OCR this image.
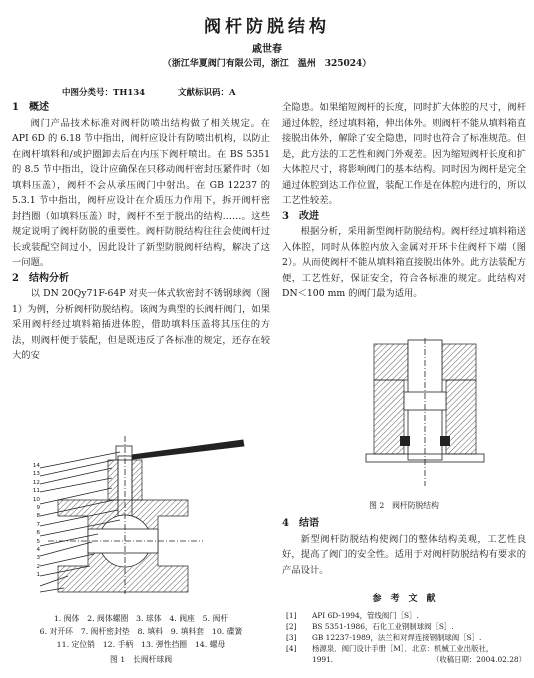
阀杆防脱结构
戚世春
（浙江华夏阀门有限公司，浙江　温州　325024）
中图分类号：TH134	文献标识码：A

1　概述

阀门产品技术标准对阀杆防喷出结构做了相关规定。在 API 6D 的 6.18 节中指出，阀杆应设计有防喷出机构，以防止在阀杆填料和/或护圈卸去后在内压下阀杆喷出。在 BS 5351 的 8.5 节中指出，设计应确保在只移动阀杆密封压紧件时（如填料压盖），阀杆不会从承压阀门中射出。在 GB 12237 的 5.3.1 节中指出，阀杆应设计在介质压力作用下，拆开阀杆密封挡圈（如填料压盖）时，阀杆不至于脱出的结构……。这些规定说明了阀杆防脱的重要性。阀杆防脱结构往往会使阀杆过长或装配空间过小，因此设计了新型防脱阀杆结构，解决了这一问题。

2　结构分析

以 DN 20Qy71F-64P 对夹一体式软密封不锈钢球阀（图 1）为例，分析阀杆防脱结构。该阀为典型的长阀杆阀门，如果采用阀杆经过填料箱插进体腔，借助填料压盖将其压住的方法，则阀杆便于装配，但是既违反了各标准的规定，还存在较大的安

14
13
12
11
10
9
8
7
6
5
4
3
2
1
1. 阀体　2. 阀体螺圈　3. 球体　4. 阀座　5. 阀杆
6. 对开环　7. 阀杆密封垫　8. 填料　9. 填料套　10. 碟簧
11. 定位销　12. 手柄　13. 弹性挡圈　14. 螺母
图 1　长阀杆球阀

全隐患。如果缩短阀杆的长度，同时扩大体腔的尺寸，阀杆通过体腔，经过填料箱，伸出体外。则阀杆不能从填料箱直接脱出体外，解除了安全隐患，同时也符合了标准规范。但是，此方法的工艺性和阀门外观差。因为缩短阀杆长度和扩大体腔尺寸，将影响阀门的基本结构。同时因为阀杆是完全通过体腔到达工作位置，装配工作是在体腔内进行的，所以工艺性较差。

3　改进

根据分析，采用新型阀杆防脱结构。阀杆经过填料箱送入体腔，同时从体腔内放入金属对开环卡住阀杆下端（图 2）。从而使阀杆不能从填料箱直接脱出体外。此方法装配方便，工艺性好，保证安全，符合各标准的规定。此结构对 DN＜100 mm 的阀门最为适用。

图 2　阀杆防脱结构

4　结语

新型阀杆防脱结构使阀门的整体结构美观，工艺性良好，提高了阀门的安全性。适用于对阀杆防脱结构有要求的产品设计。

参　考　文　献
[1]	API 6D-1994，管线阀门［S］.
[2]	BS 5351-1986，石化工业钢制球阀［S］.
[3]	GB 12237-1989，法兰和对焊连接钢制球阀［S］.
[4]	杨源泉．阀门设计手册［M］．北京：机械工业出版社，
1991.	（收稿日期：2004.02.28）
